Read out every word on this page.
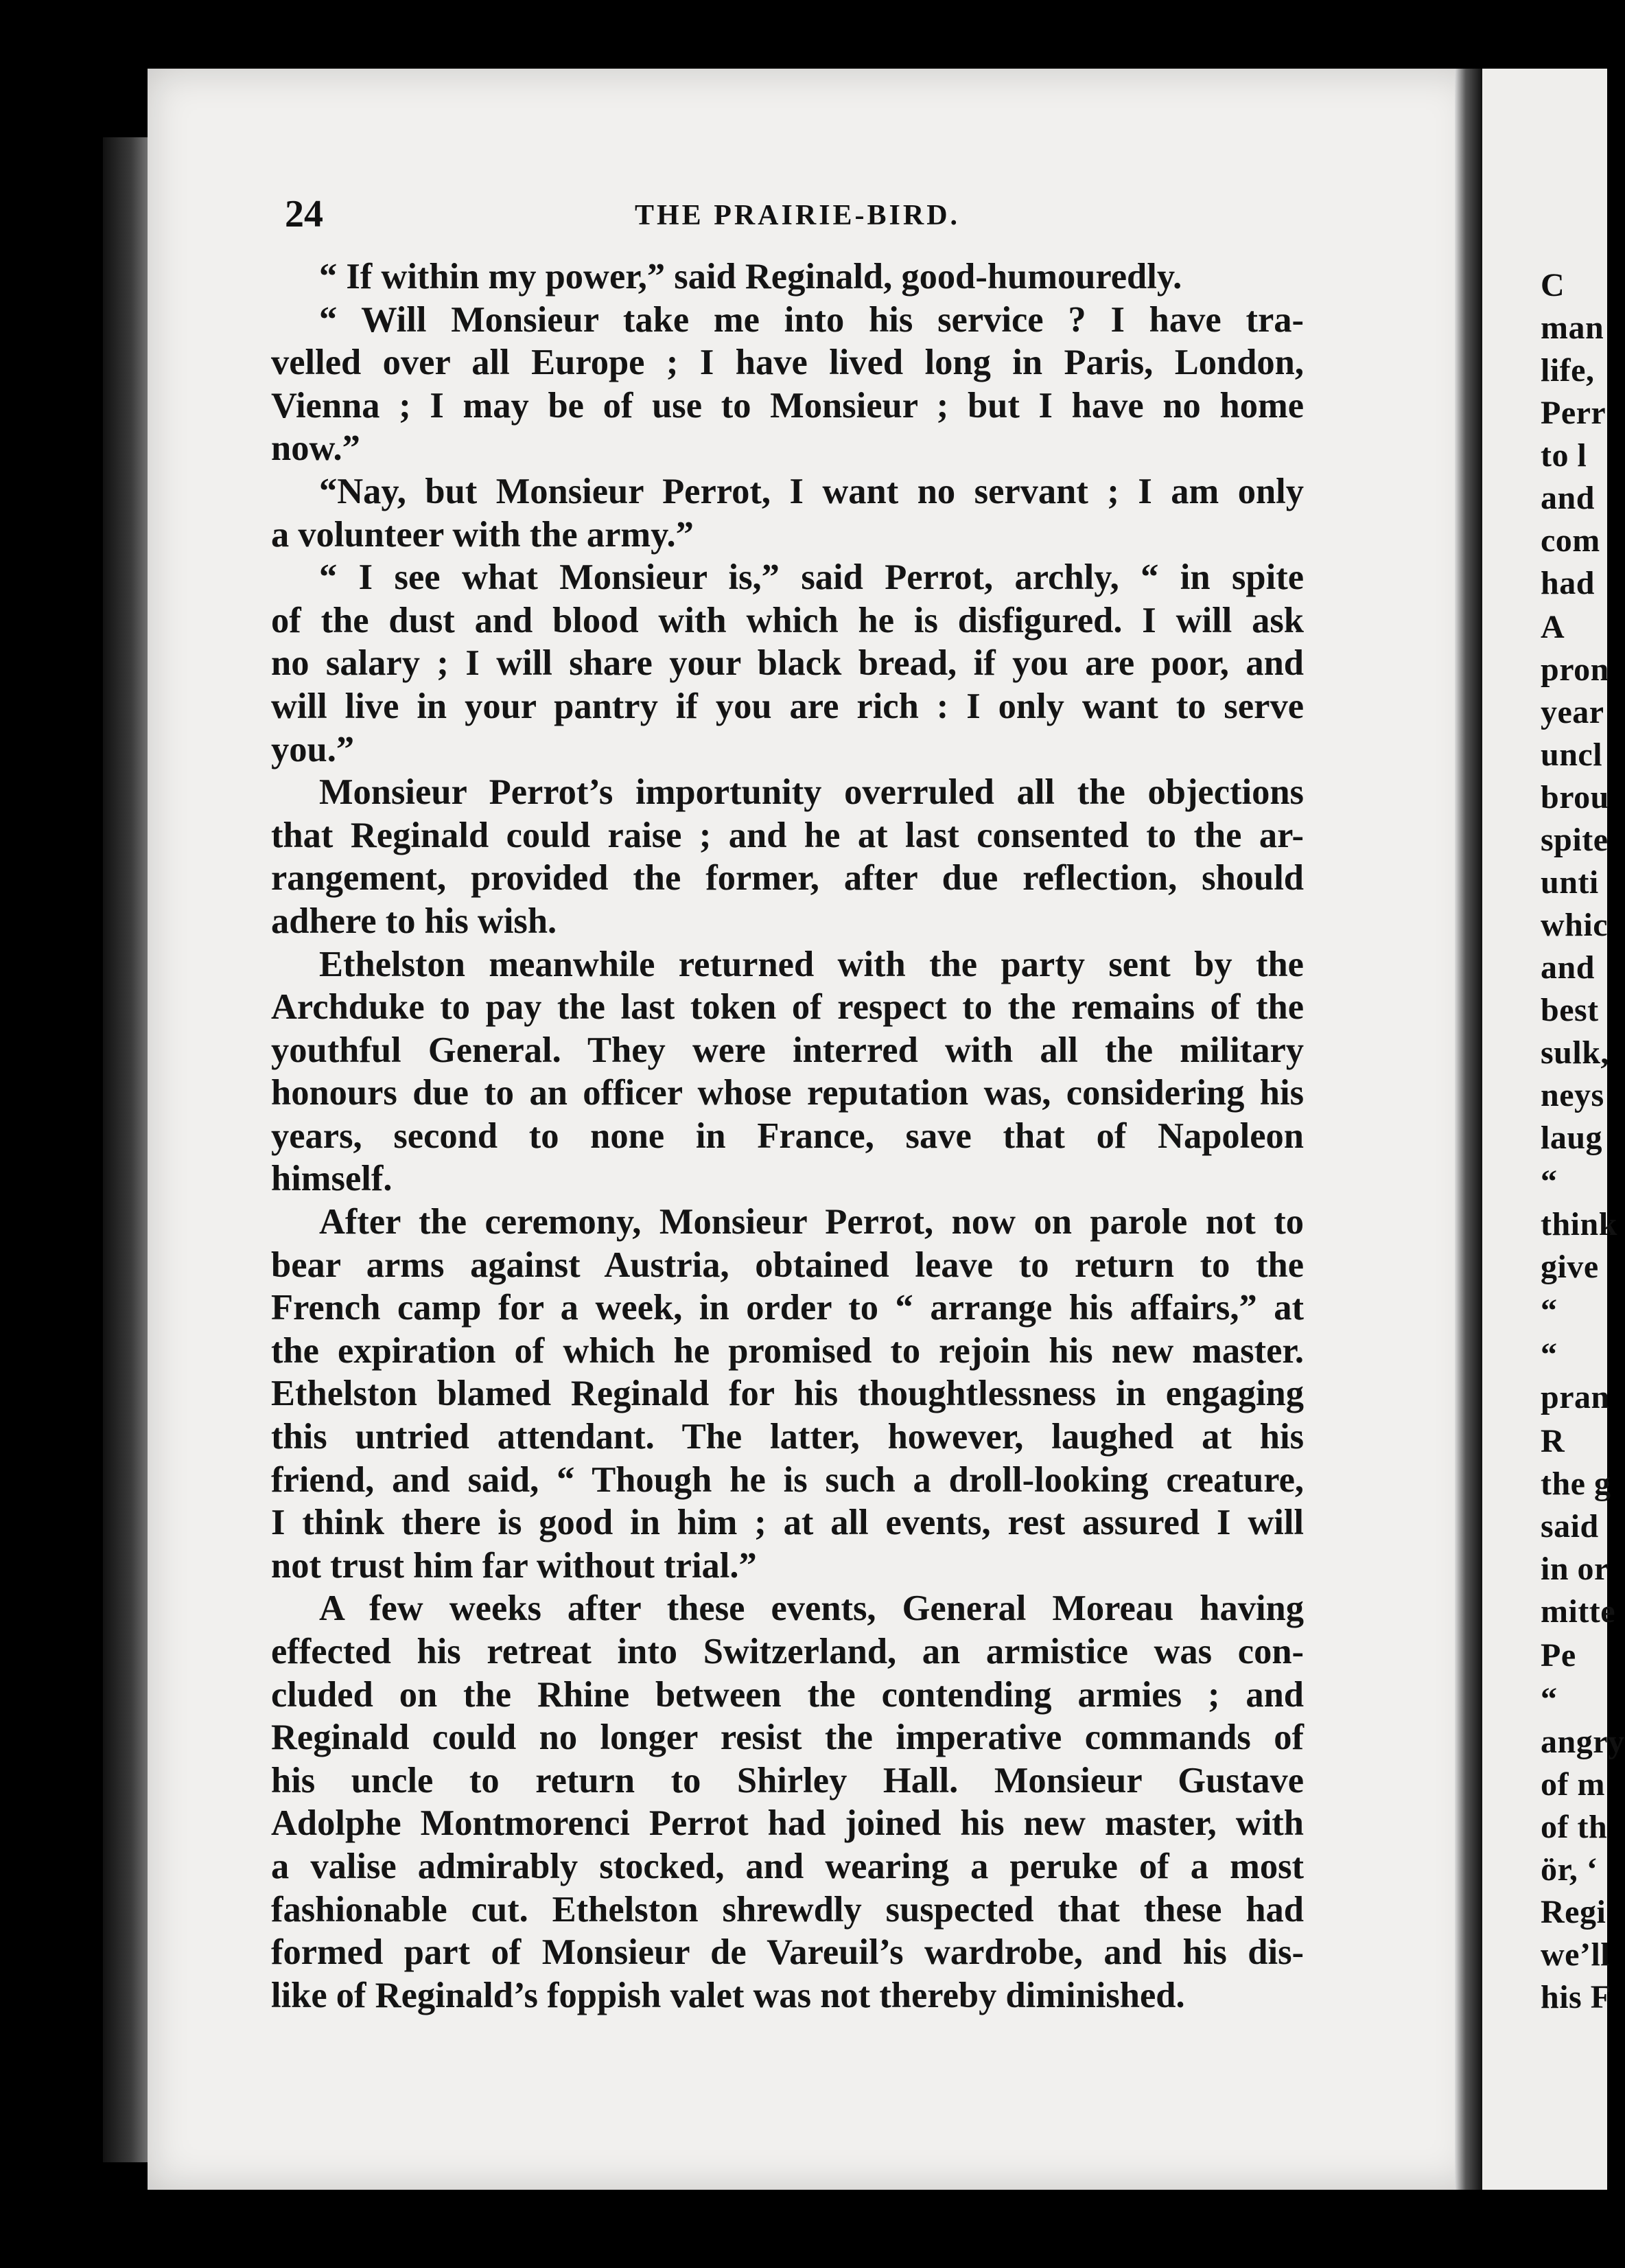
C
man
life,
Perr
to l
and
com
had
A
pron
year
uncl
brou
spite
unti
whic
and
best
sulk,
neys
laug
“
think
give
“
“
pran
R
the g
said
in or
mitte
Pe
“
angry
of m
of th
ör, ‘
Regi
we’ll
his F
24	THE PRAIRIE-BIRD.
“ If within my power,” said Reginald, good-humouredly.
“ Will Monsieur take me into his service ? I have tra-
velled over all Europe ; I have lived long in Paris, London,
Vienna ; I may be of use to Monsieur ; but I have no home
now.”
“Nay, but Monsieur Perrot, I want no servant ; I am only
a volunteer with the army.”
“ I see what Monsieur is,” said Perrot, archly, “ in spite
of the dust and blood with which he is disfigured. I will ask
no salary ; I will share your black bread, if you are poor, and
will live in your pantry if you are rich : I only want to serve
you.”
Monsieur Perrot’s importunity overruled all the objections
that Reginald could raise ; and he at last consented to the ar-
rangement, provided the former, after due reflection, should
adhere to his wish.
Ethelston meanwhile returned with the party sent by the
Archduke to pay the last token of respect to the remains of the
youthful General. They were interred with all the military
honours due to an officer whose reputation was, considering his
years, second to none in France, save that of Napoleon
himself.
After the ceremony, Monsieur Perrot, now on parole not to
bear arms against Austria, obtained leave to return to the
French camp for a week, in order to “ arrange his affairs,” at
the expiration of which he promised to rejoin his new master.
Ethelston blamed Reginald for his thoughtlessness in engaging
this untried attendant. The latter, however, laughed at his
friend, and said, “ Though he is such a droll-looking creature,
I think there is good in him ; at all events, rest assured I will
not trust him far without trial.”
A few weeks after these events, General Moreau having
effected his retreat into Switzerland, an armistice was con-
cluded on the Rhine between the contending armies ; and
Reginald could no longer resist the imperative commands of
his uncle to return to Shirley Hall. Monsieur Gustave
Adolphe Montmorenci Perrot had joined his new master, with
a valise admirably stocked, and wearing a peruke of a most
fashionable cut. Ethelston shrewdly suspected that these had
formed part of Monsieur de Vareuil’s wardrobe, and his dis-
like of Reginald’s foppish valet was not thereby diminished.
